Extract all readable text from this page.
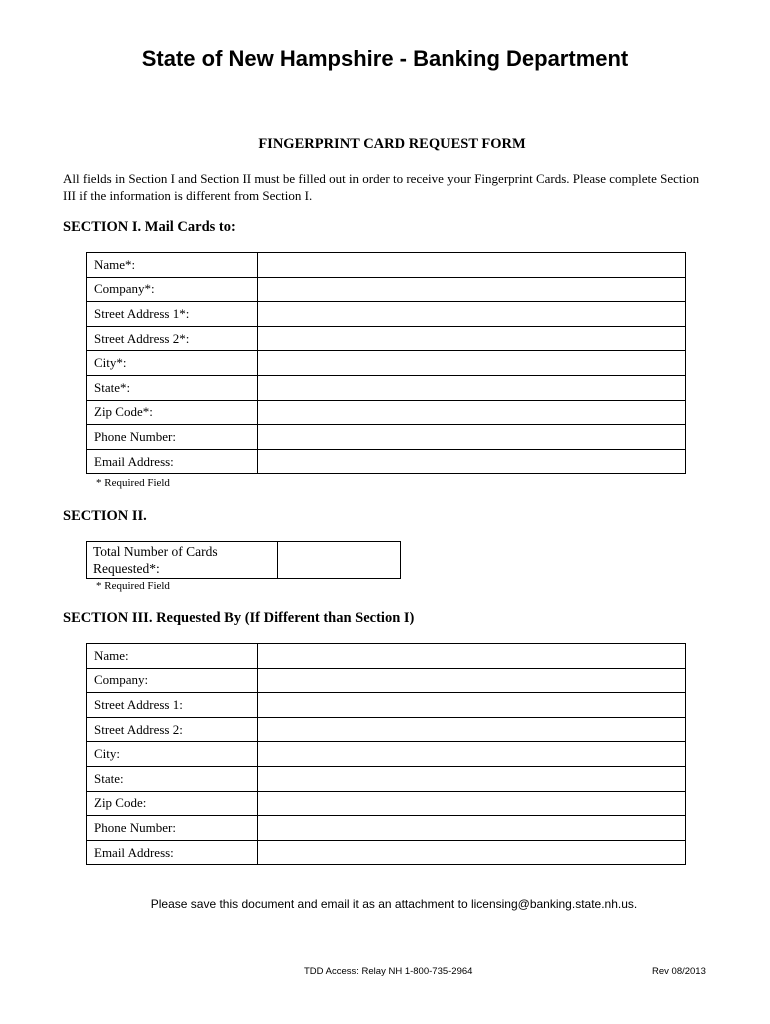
State of New Hampshire - Banking Department
FINGERPRINT CARD REQUEST FORM
All fields in Section I and Section II must be filled out in order to receive your Fingerprint Cards. Please complete Section III if the information is different from Section I.
SECTION I. Mail Cards to:
Name*:	
Company*:	
Street Address 1*:	
Street Address 2*:	
City*:	
State*:	
Zip Code*:	
Phone Number:	
Email Address:	
* Required Field
SECTION II.
Total Number of Cards
Requested*:

* Required Field
SECTION III. Requested By (If Different than Section I)
Name:	
Company:	
Street Address 1:	
Street Address 2:	
City:	
State:	
Zip Code:	
Phone Number:	
Email Address:	
Please save this document and email it as an attachment to licensing@banking.state.nh.us.
TDD Access: Relay NH 1-800-735-2964	Rev 08/2013
